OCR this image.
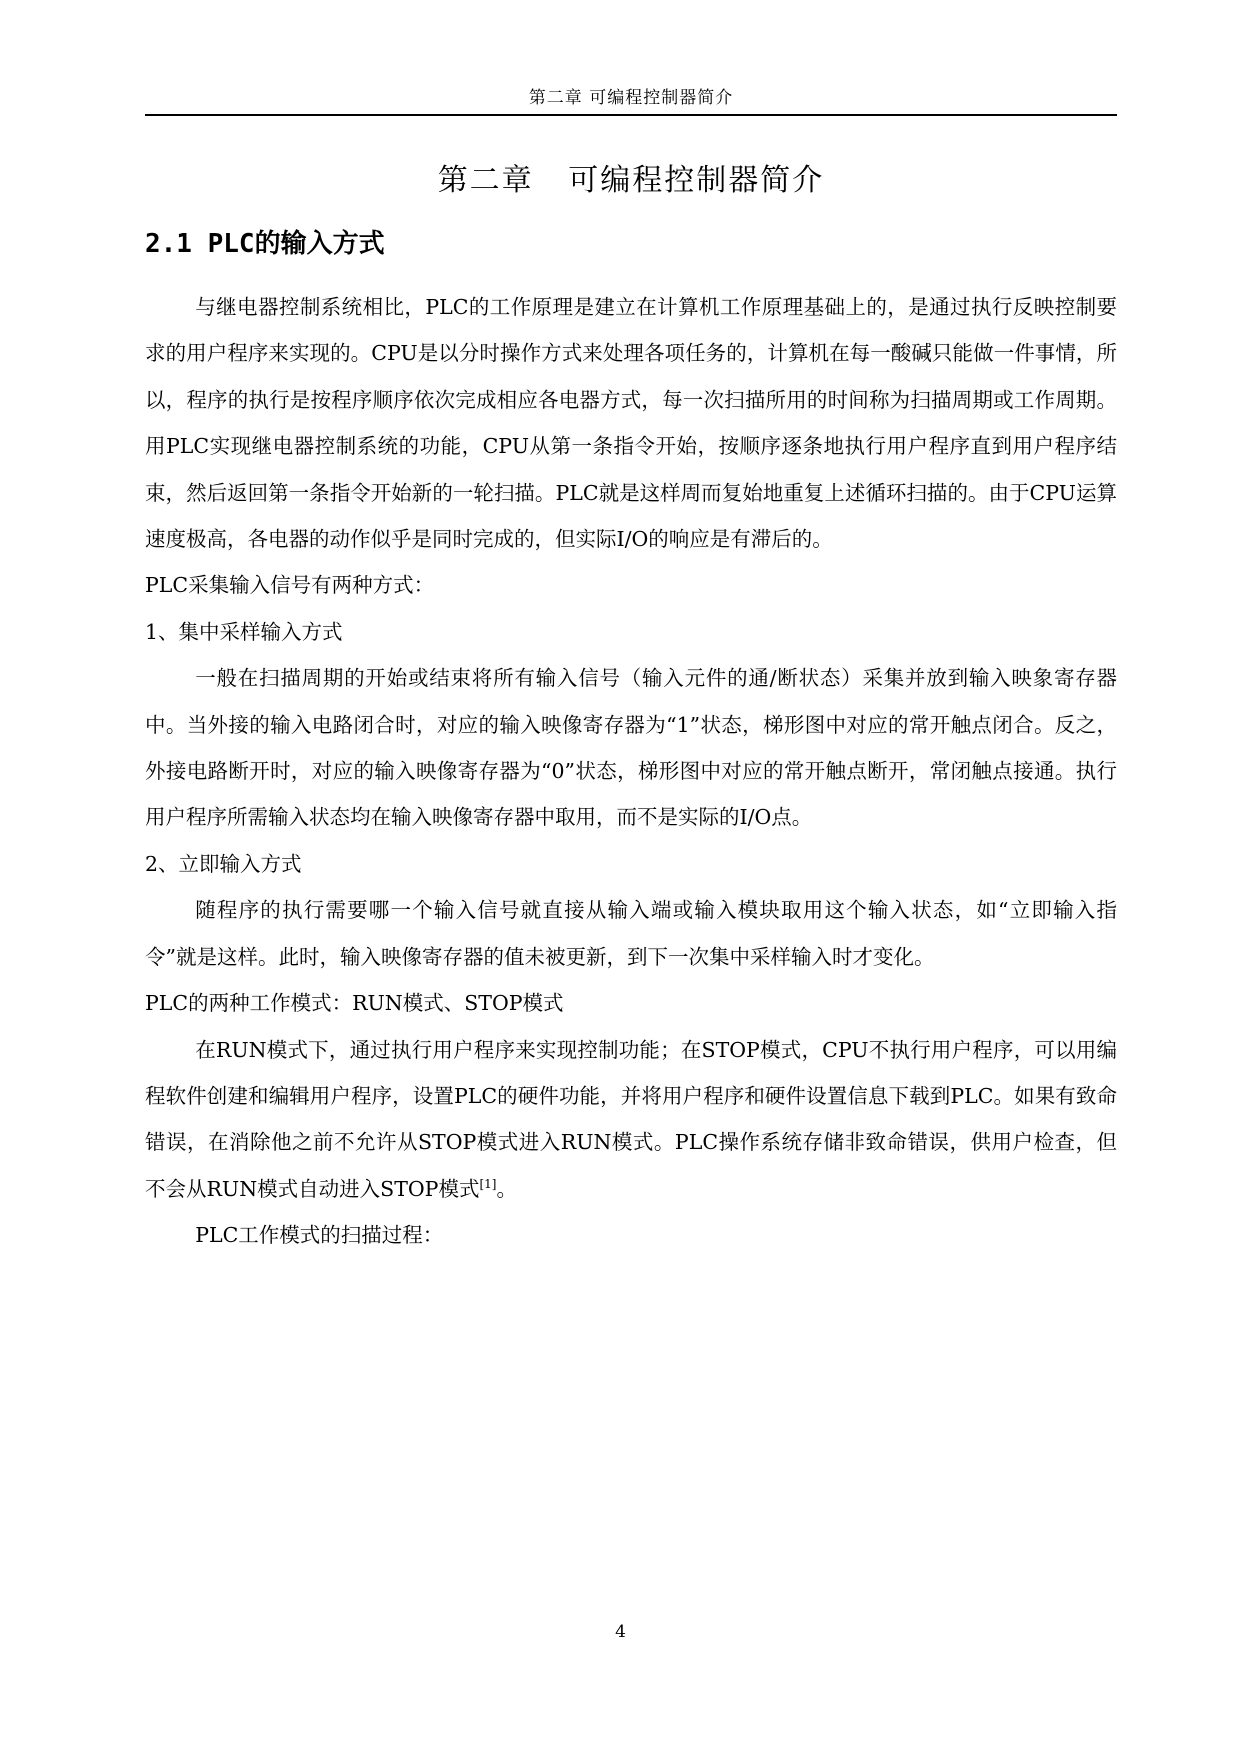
第二章 可编程控制器简介
第二章   可编程控制器简介
2.1 PLC的输入方式

与继电器控制系统相比，PLC的工作原理是建立在计算机工作原理基础上的，是通过执行反映控制要求的用户程序来实现的。CPU是以分时操作方式来处理各项任务的，计算机在每一酸碱只能做一件事情，所以，程序的执行是按程序顺序依次完成相应各电器方式，每一次扫描所用的时间称为扫描周期或工作周期。用PLC实现继电器控制系统的功能，CPU从第一条指令开始，按顺序逐条地执行用户程序直到用户程序结束，然后返回第一条指令开始新的一轮扫描。PLC就是这样周而复始地重复上述循环扫描的。由于CPU运算速度极高，各电器的动作似乎是同时完成的，但实际I/O的响应是有滞后的。

PLC采集输入信号有两种方式：

1、集中采样输入方式

一般在扫描周期的开始或结束将所有输入信号（输入元件的通/断状态）采集并放到输入映象寄存器中。当外接的输入电路闭合时，对应的输入映像寄存器为“1”状态，梯形图中对应的常开触点闭合。反之，外接电路断开时，对应的输入映像寄存器为“0”状态，梯形图中对应的常开触点断开，常闭触点接通。执行用户程序所需输入状态均在输入映像寄存器中取用，而不是实际的I/O点。

2、立即输入方式

随程序的执行需要哪一个输入信号就直接从输入端或输入模块取用这个输入状态，如“立即输入指令”就是这样。此时，输入映像寄存器的值未被更新，到下一次集中采样输入时才变化。

PLC的两种工作模式：RUN模式、STOP模式

在RUN模式下，通过执行用户程序来实现控制功能；在STOP模式，CPU不执行用户程序，可以用编程软件创建和编辑用户程序，设置PLC的硬件功能，并将用户程序和硬件设置信息下载到PLC。如果有致命错误，在消除他之前不允许从STOP模式进入RUN模式。PLC操作系统存储非致命错误，供用户检查，但不会从RUN模式自动进入STOP模式[1]。

PLC工作模式的扫描过程：

4
